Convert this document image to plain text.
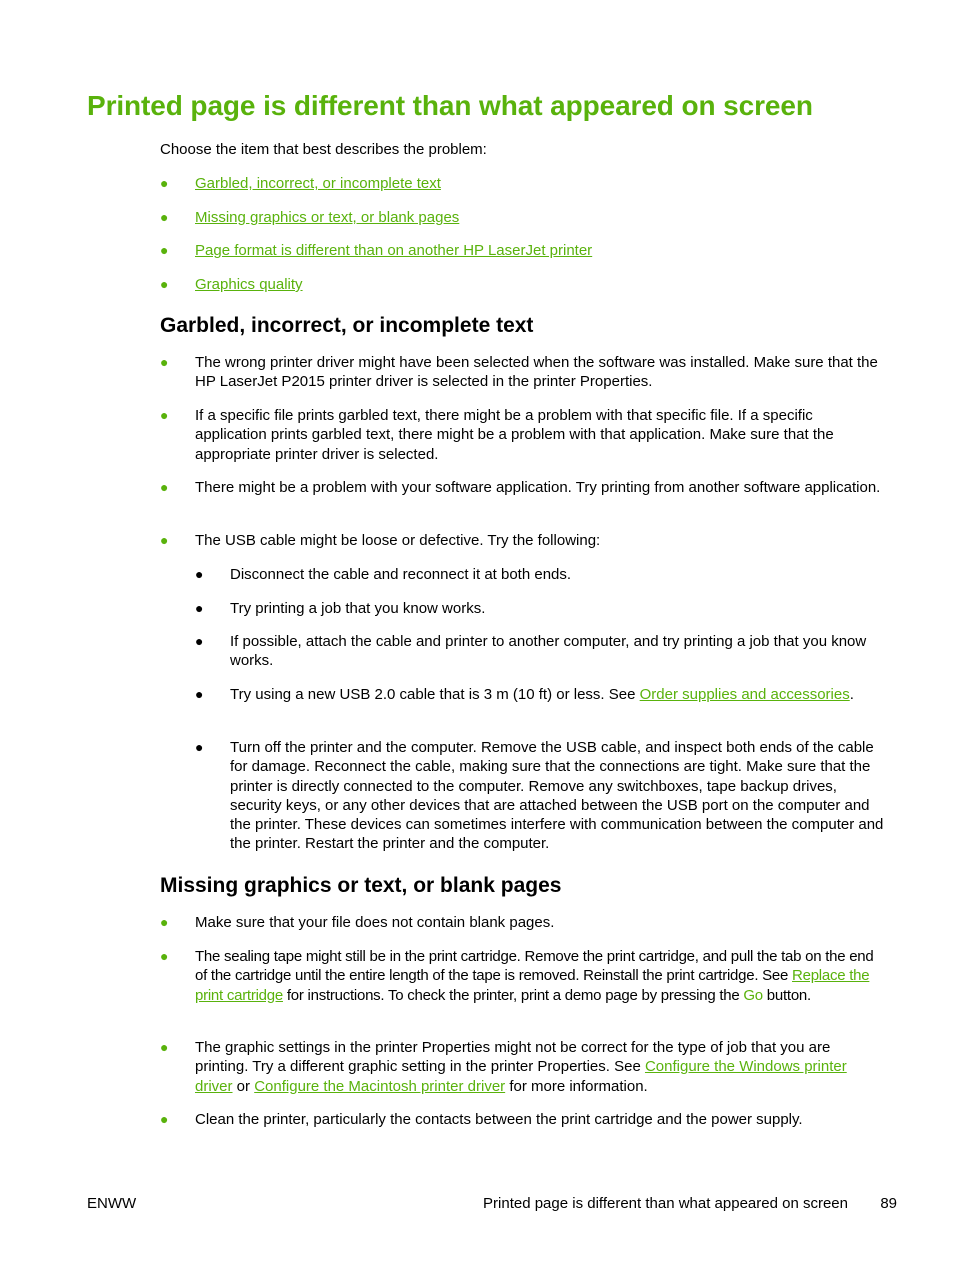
Printed page is different than what appeared on screen

Choose the item that best describes the problem:

● Garbled, incorrect, or incomplete text
● Missing graphics or text, or blank pages
● Page format is different than on another HP LaserJet printer
● Graphics quality
Garbled, incorrect, or incomplete text
● The wrong printer driver might have been selected when the software was installed. Make sure that the HP LaserJet P2015 printer driver is selected in the printer Properties.
● If a specific file prints garbled text, there might be a problem with that specific file. If a specific application prints garbled text, there might be a problem with that application. Make sure that the appropriate printer driver is selected.
● There might be a problem with your software application. Try printing from another software application.
● The USB cable might be loose or defective. Try the following:
● Disconnect the cable and reconnect it at both ends.
● Try printing a job that you know works.
● If possible, attach the cable and printer to another computer, and try printing a job that you know works.
● Try using a new USB 2.0 cable that is 3 m (10 ft) or less. See Order supplies and accessories.
● Turn off the printer and the computer. Remove the USB cable, and inspect both ends of the cable for damage. Reconnect the cable, making sure that the connections are tight. Make sure that the printer is directly connected to the computer. Remove any switchboxes, tape backup drives, security keys, or any other devices that are attached between the USB port on the computer and the printer. These devices can sometimes interfere with communication between the computer and the printer. Restart the printer and the computer.
Missing graphics or text, or blank pages
● Make sure that your file does not contain blank pages.
● The sealing tape might still be in the print cartridge. Remove the print cartridge, and pull the tab on the end of the cartridge until the entire length of the tape is removed. Reinstall the print cartridge. See Replace the print cartridge for instructions. To check the printer, print a demo page by pressing the Go button.
● The graphic settings in the printer Properties might not be correct for the type of job that you are printing. Try a different graphic setting in the printer Properties. See Configure the Windows printer driver or Configure the Macintosh printer driver for more information.
● Clean the printer, particularly the contacts between the print cartridge and the power supply.
ENWW	Printed page is different than what appeared on screen 89
